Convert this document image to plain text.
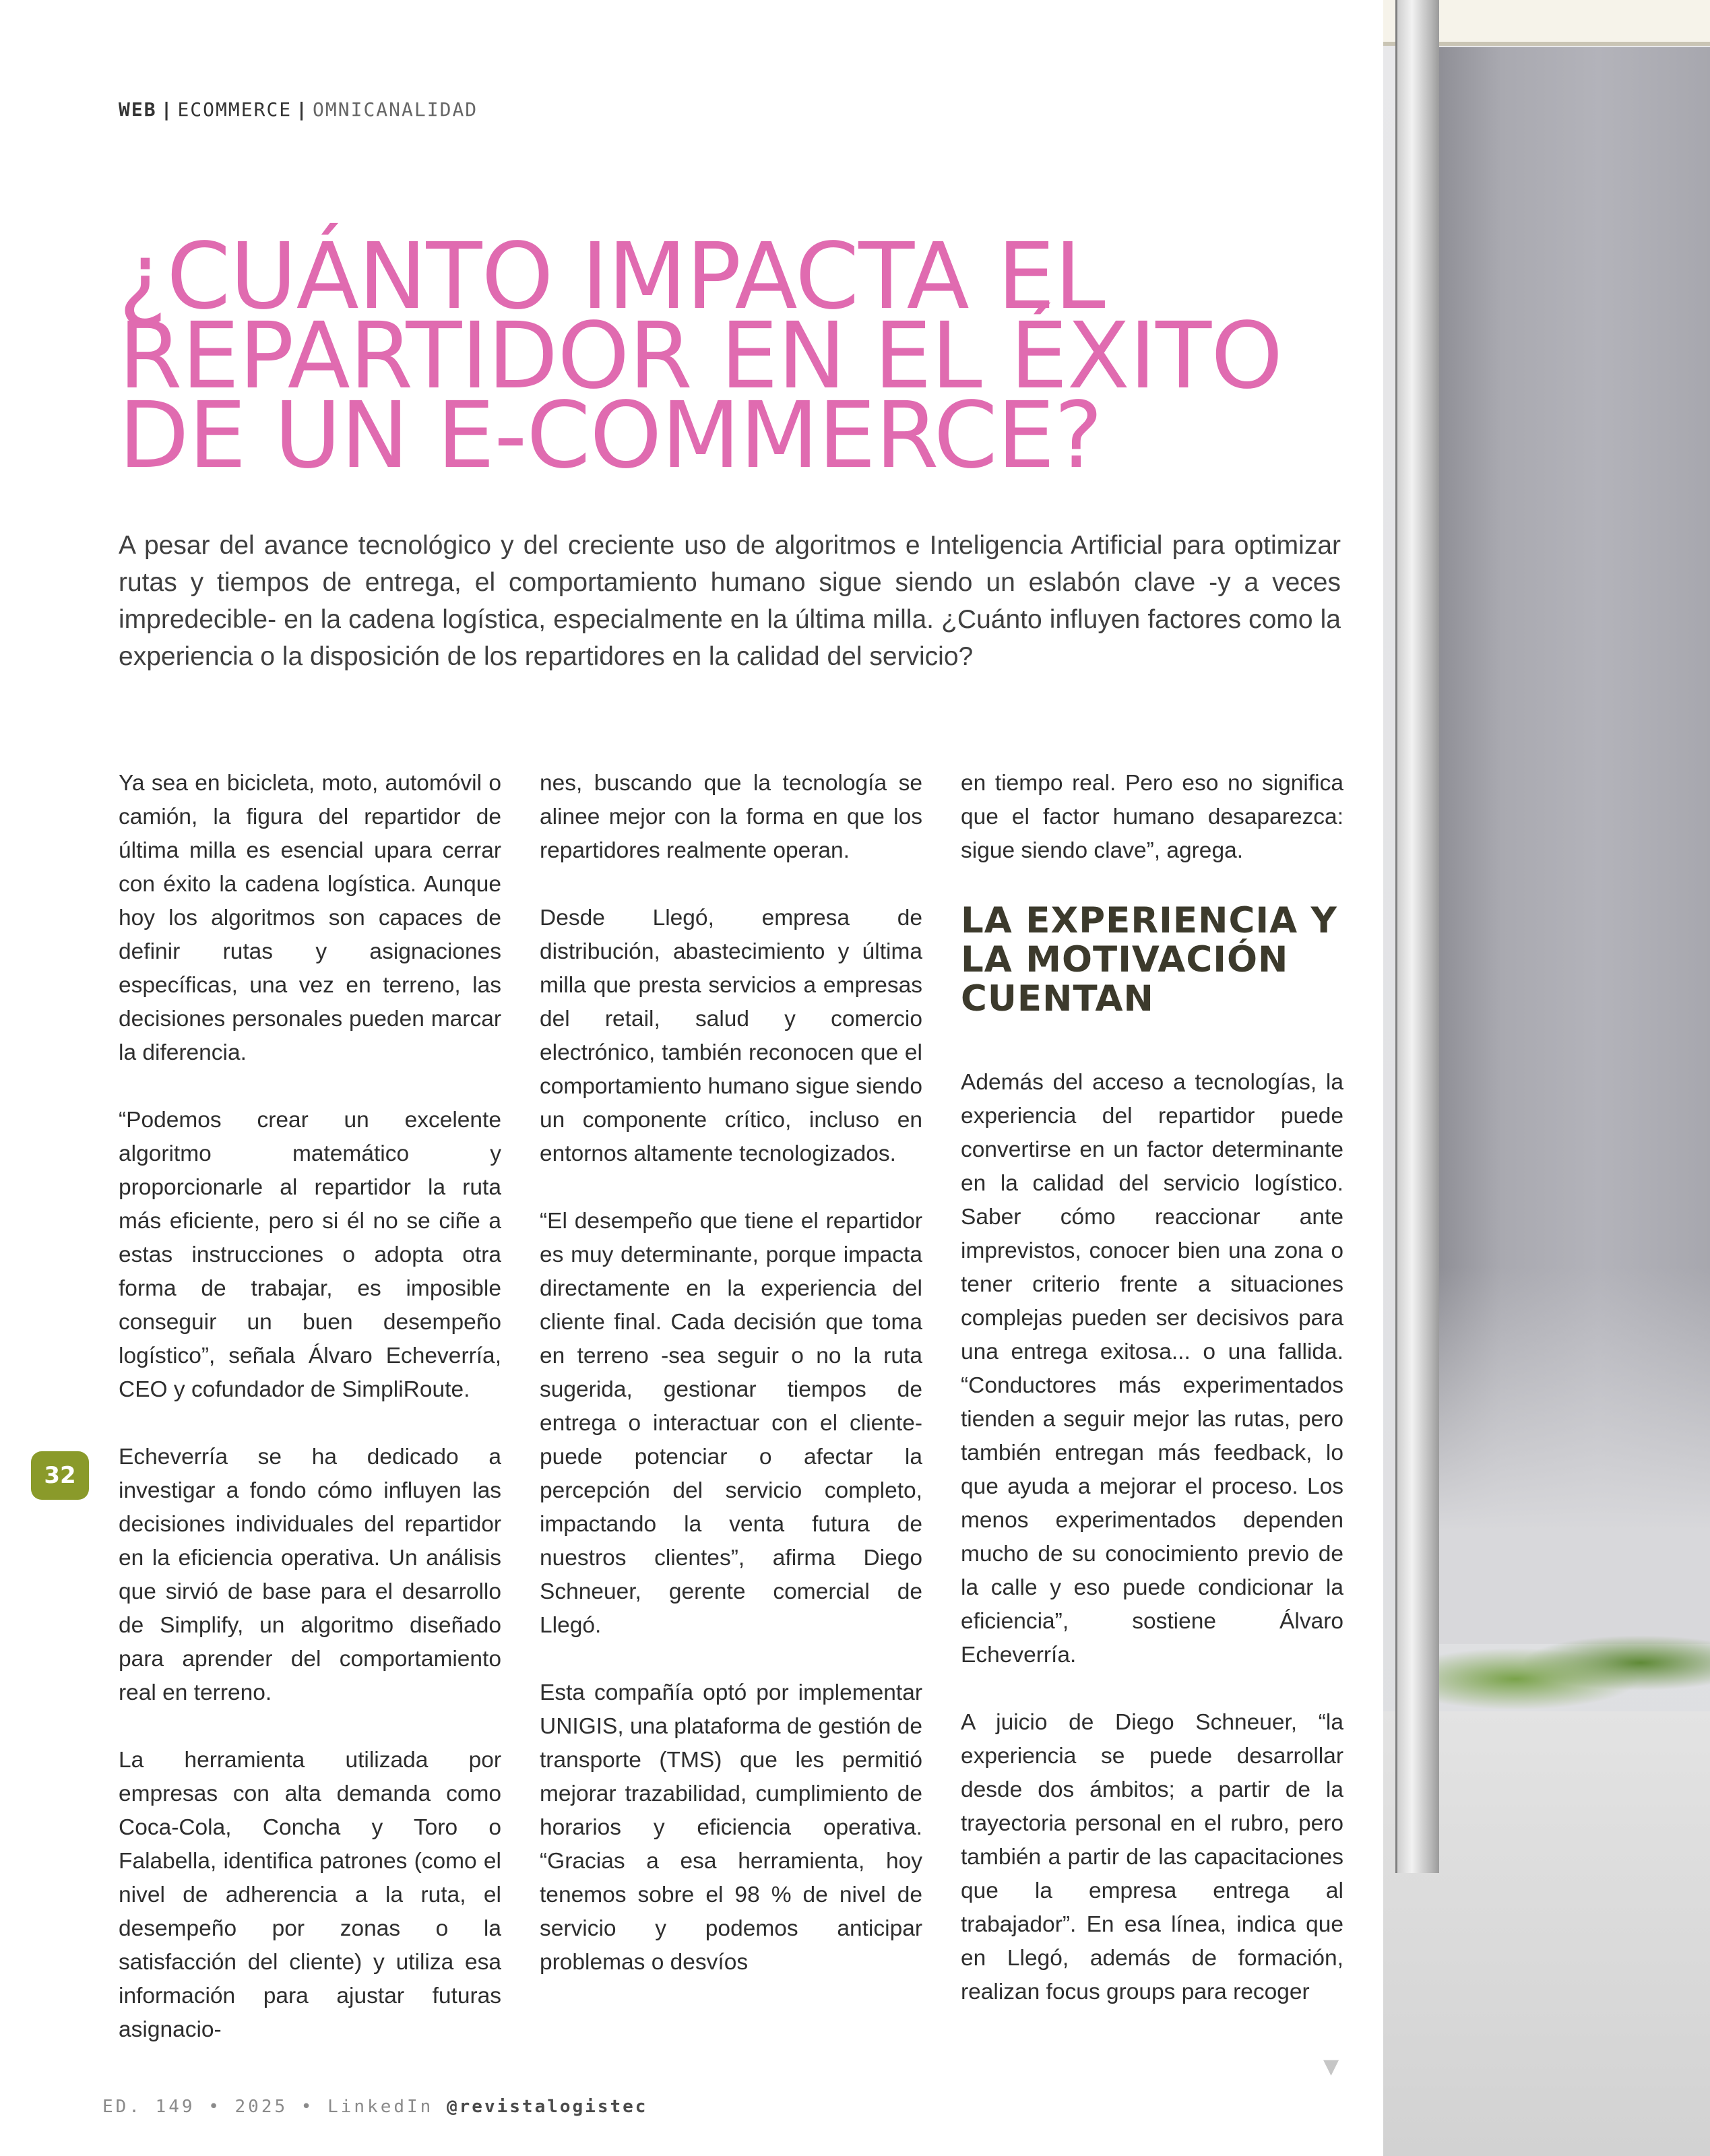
WEB | ECOMMERCE | OMNICANALIDAD
¿CUÁNTO IMPACTA EL REPARTIDOR EN EL ÉXITO DE UN E-COMMERCE?

A pesar del avance tecnológico y del creciente uso de algoritmos e Inteligencia Artificial para optimizar rutas y tiempos de entrega, el comportamiento humano sigue siendo un eslabón clave -y a veces impredecible- en la cadena logística, especialmente en la última milla. ¿Cuánto influyen factores como la experiencia o la disposición de los repartidores en la calidad del servicio?

Ya sea en bicicleta, moto, automóvil o camión, la figura del repartidor de última milla es esencial upara cerrar con éxito la cadena logística. Aunque hoy los algoritmos son capaces de definir rutas y asignaciones específicas, una vez en terreno, las decisiones personales pueden marcar la diferencia.

“Podemos crear un excelente algoritmo matemático y proporcionarle al repartidor la ruta más eficiente, pero si él no se ciñe a estas instrucciones o adopta otra forma de trabajar, es imposible conseguir un buen desempeño logístico”, señala Álvaro Echeverría, CEO y cofundador de SimpliRoute.

Echeverría se ha dedicado a investigar a fondo cómo influyen las decisiones individuales del repartidor en la eficiencia operativa. Un análisis que sirvió de base para el desarrollo de Simplify, un algoritmo diseñado para aprender del comportamiento real en terreno.

La herramienta utilizada por empresas con alta demanda como Coca-Cola, Concha y Toro o Falabella, identifica patrones (como el nivel de adherencia a la ruta, el desempeño por zonas o la satisfacción del cliente) y utiliza esa información para ajustar futuras asignacio-

nes, buscando que la tecnología se alinee mejor con la forma en que los repartidores realmente operan.

Desde Llegó, empresa de distribución, abastecimiento y última milla que presta servicios a empresas del retail, salud y comercio electrónico, también reconocen que el comportamiento humano sigue siendo un componente crítico, incluso en entornos altamente tecnologizados.

“El desempeño que tiene el repartidor es muy determinante, porque impacta directamente en la experiencia del cliente final. Cada decisión que toma en terreno -sea seguir o no la ruta sugerida, gestionar tiempos de entrega o interactuar con el cliente- puede potenciar o afectar la percepción del servicio completo, impactando la venta futura de nuestros clientes”, afirma Diego Schneuer, gerente comercial de Llegó.

Esta compañía optó por implementar UNIGIS, una plataforma de gestión de transporte (TMS) que les permitió mejorar trazabilidad, cumplimiento de horarios y eficiencia operativa. “Gracias a esa herramienta, hoy tenemos sobre el 98 % de nivel de servicio y podemos anticipar problemas o desvíos

en tiempo real. Pero eso no significa que el factor humano desaparezca: sigue siendo clave”, agrega.

LA EXPERIENCIA Y LA MOTIVACIÓN CUENTAN

Además del acceso a tecnologías, la experiencia del repartidor puede convertirse en un factor determinante en la calidad del servicio logístico. Saber cómo reaccionar ante imprevistos, conocer bien una zona o tener criterio frente a situaciones complejas pueden ser decisivos para una entrega exitosa... o una fallida. “Conductores más experimentados tienden a seguir mejor las rutas, pero también entregan más feedback, lo que ayuda a mejorar el proceso. Los menos experimentados dependen mucho de su conocimiento previo de la calle y eso puede condicionar la eficiencia”, sostiene Álvaro Echeverría.

A juicio de Diego Schneuer, “la experiencia se puede desarrollar desde dos ámbitos; a partir de la trayectoria personal en el rubro, pero también a partir de las capacitaciones que la empresa entrega al trabajador”. En esa línea, indica que en Llegó, además de formación, realizan focus groups para recoger

32
▼
ED. 149 • 2025 • LinkedIn @revistalogistec
